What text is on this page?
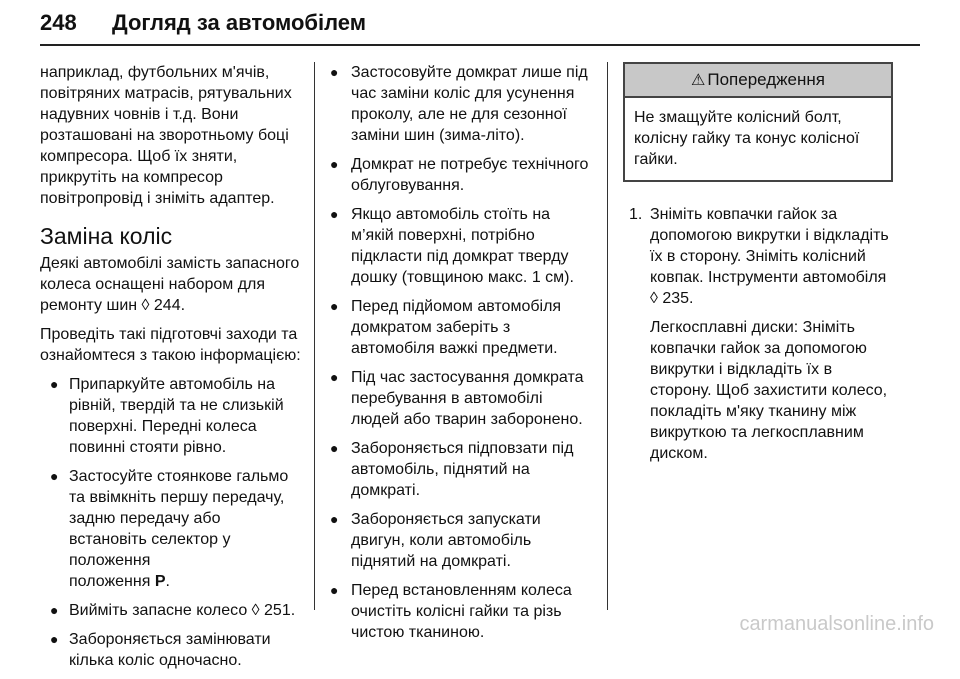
248 Догляд за автомобілем

наприклад, футбольних м'ячів, повітряних матрасів, рятувальних надувних човнів і т.д. Вони розташовані на зворотньому боці компресора. Щоб їх зняти, прикрутіть на компресор повітропровід і зніміть адаптер.

Заміна коліс

Деякі автомобілі замість запасного колеса оснащені набором для ремонту шин ◊ 244.

Проведіть такі підготовчі заходи та ознайомтеся з такою інформацією:

● Припаркуйте автомобіль на рівній, твердій та не слизькій поверхні. Передні колеса повинні стояти рівно.
● Застосуйте стоянкове гальмо та ввімкніть першу передачу, задню передачу або встановіть селектор у положення
положення P.
● Вийміть запасне колесо ◊ 251.
● Забороняється замінювати кілька коліс одночасно.
● Застосовуйте домкрат лише під час заміни коліс для усунення проколу, але не для сезонної заміни шин (зима-літо).
● Домкрат не потребує технічного облуговування.
● Якщо автомобіль стоїть на м’якій поверхні, потрібно підкласти під домкрат тверду дошку (товщиною макс. 1 см).
● Перед підйомом автомобіля домкратом заберіть з автомобіля важкі предмети.
● Під час застосування домкрата перебування в автомобілі людей або тварин заборонено.
● Забороняється підповзати під автомобіль, піднятий на домкраті.
● Забороняється запускати двигун, коли автомобіль піднятий на домкраті.
● Перед встановленням колеса очистіть колісні гайки та різь чистою тканиною.
⚠ Попередження
Не змащуйте колісний болт, колісну гайку та конус колісної гайки.
1. Зніміть ковпачки гайок за допомогою викрутки і відкладіть їх в сторону. Зніміть колісний ковпак. Інструменти автомобіля ◊ 235.

Легкосплавні диски: Зніміть ковпачки гайок за допомогою викрутки і відкладіть їх в сторону. Щоб захистити колесо, покладіть м'яку тканину між викруткою та легкосплавним диском.

carmanualsonline.info
